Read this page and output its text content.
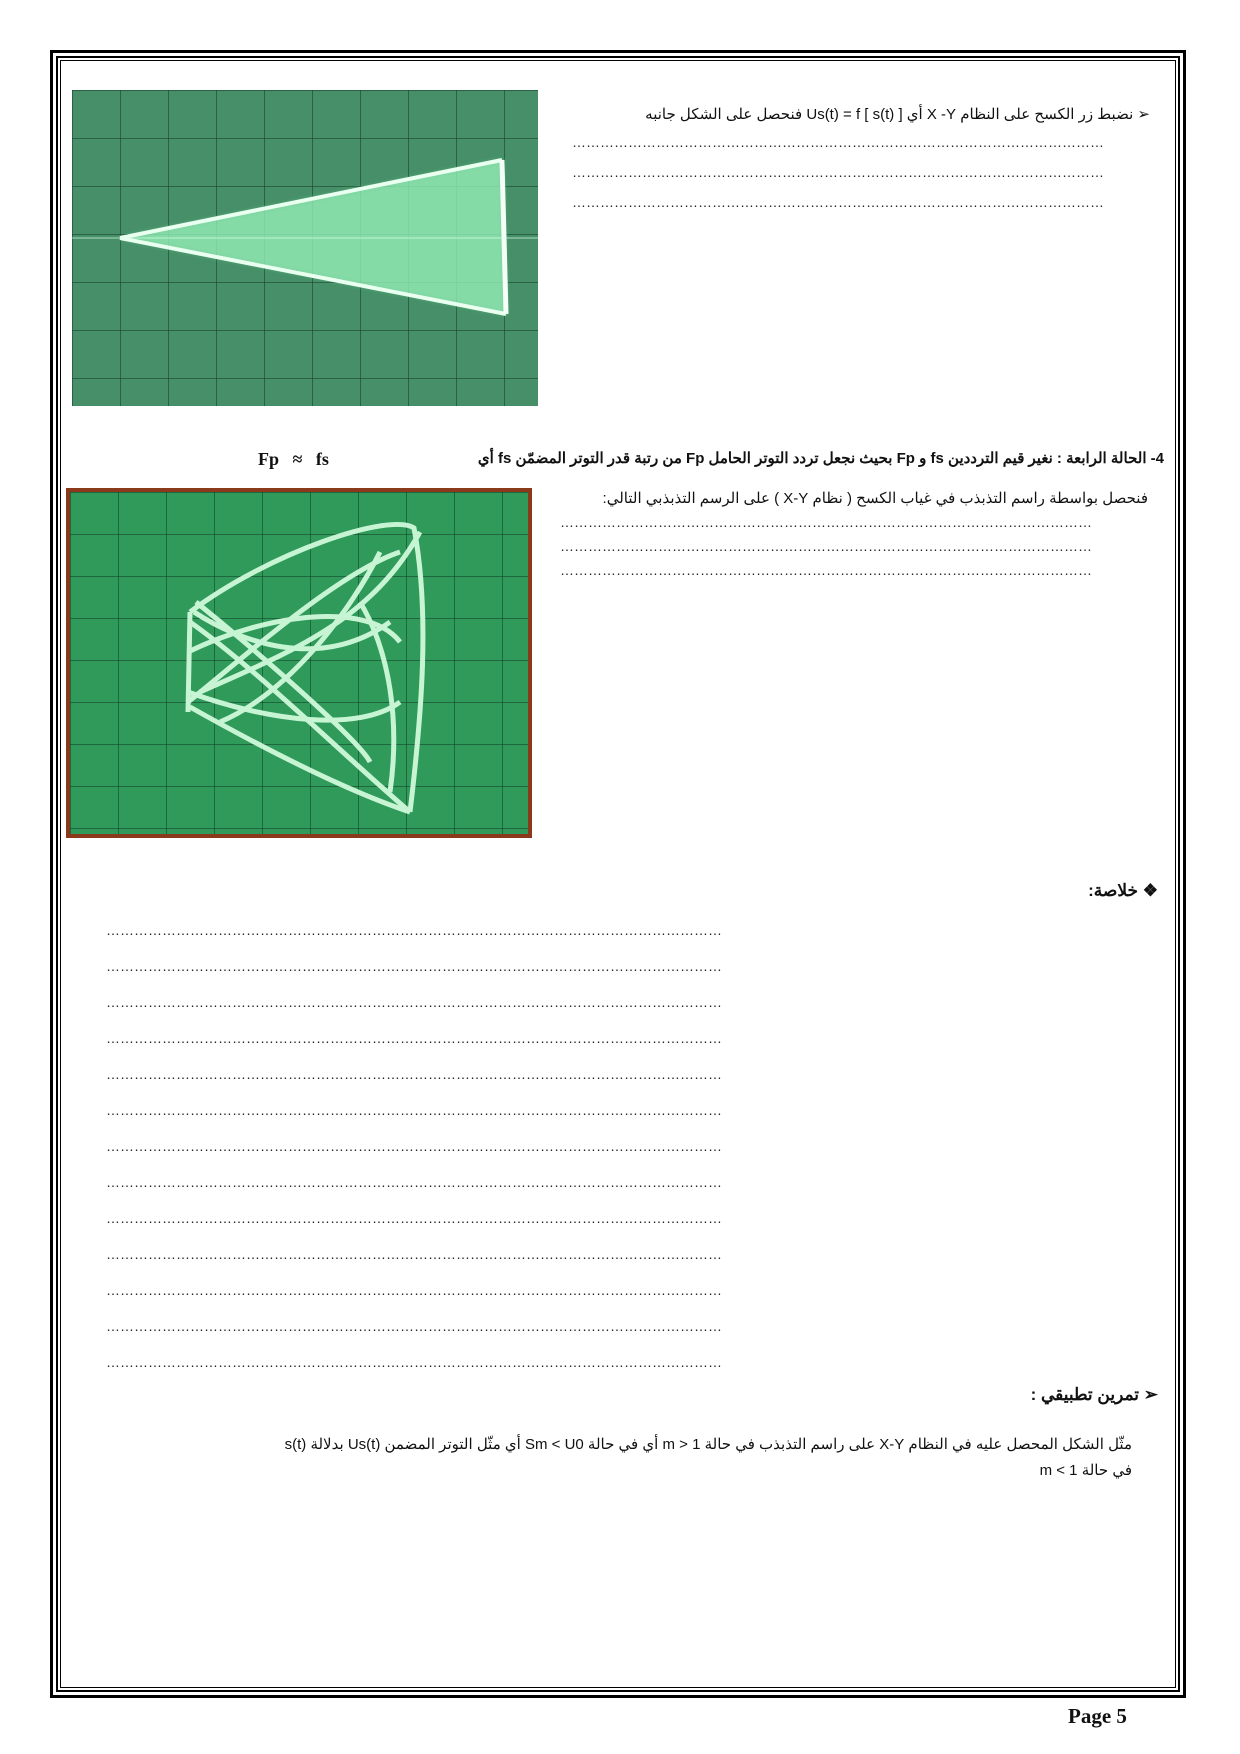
➢ نضبط زر الكسح على النظام X -Y أي [ Us(t) = f [ s(t) فنحصل على الشكل جانبه
……………………………………………………………………………………………………
……………………………………………………………………………………………………
……………………………………………………………………………………………………
4- الحالة الرابعة : نغير قيم الترددين fs و Fp بحيث نجعل تردد التوتر الحامل Fp من رتبة قدر التوتر المضمّن fs أي
Fp   ≈   fs
فنحصل بواسطة راسم التذبذب في غياب الكسح ( نظام X-Y ) على الرسم التذبذبي التالي:
……………………………………………………………………………………………………
……………………………………………………………………………………………………
……………………………………………………………………………………………………
❖ خلاصة:
……………………………………………………………………………………………………………………
……………………………………………………………………………………………………………………
……………………………………………………………………………………………………………………
……………………………………………………………………………………………………………………
……………………………………………………………………………………………………………………
……………………………………………………………………………………………………………………
……………………………………………………………………………………………………………………
……………………………………………………………………………………………………………………
……………………………………………………………………………………………………………………
……………………………………………………………………………………………………………………
……………………………………………………………………………………………………………………
……………………………………………………………………………………………………………………
……………………………………………………………………………………………………………………
➢ تمرين تطبيقي :
مثّل الشكل المحصل عليه في النظام X-Y على راسم التذبذب في حالة m > 1 أي في حالة Sm < U0 أي مثّل التوتر المضمن Us(t) بدلالة s(t)
في حالة m < 1
Page 5
